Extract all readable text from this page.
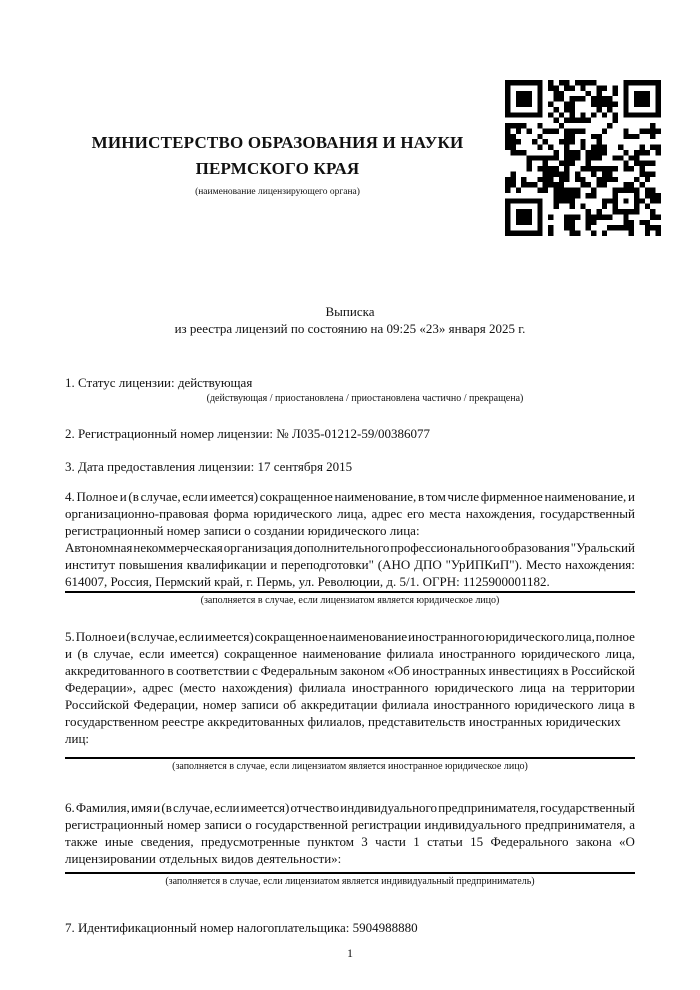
МИНИСТЕРСТВО ОБРАЗОВАНИЯ И НАУКИ
ПЕРМСКОГО КРАЯ
(наименование лицензирующего органа)
Выписка
из реестра лицензий по состоянию на 09:25 «23» января 2025 г.
1. Статус лицензии: действующая
(действующая / приостановлена / приостановлена частично / прекращена)
2. Регистрационный номер лицензии: № Л035-01212-59/00386077
3. Дата предоставления лицензии: 17 сентября 2015
4. Полное и (в случае, если имеется) сокращенное наименование, в том числе фирменное наименование, и
организационно-правовая форма юридического лица, адрес его места нахождения, государственный
регистрационный номер записи о создании юридического лица:
Автономная некоммерческая организация дополнительного профессионального образования "Уральский
институт повышения квалификации и переподготовки" (АНО ДПО "УрИПКиП"). Место нахождения:
614007, Россия, Пермский край, г. Пермь, ул. Революции, д. 5/1. ОГРН: 1125900001182.
(заполняется в случае, если лицензиатом является юридическое лицо)
5. Полное и (в случае, если имеется) сокращенное наименование иностранного юридического лица, полное
и (в случае, если имеется) сокращенное наименование филиала иностранного юридического лица,
аккредитованного в соответствии с Федеральным законом «Об иностранных инвестициях в Российской
Федерации», адрес (место нахождения) филиала иностранного юридического лица на территории
Российской Федерации, номер записи об аккредитации филиала иностранного юридического лица в
государственном реестре аккредитованных филиалов, представительств иностранных юридических лиц:
(заполняется в случае, если лицензиатом является иностранное юридическое лицо)
6. Фамилия, имя и (в случае, если имеется) отчество индивидуального предпринимателя, государственный
регистрационный номер записи о государственной регистрации индивидуального предпринимателя, а
также иные сведения, предусмотренные пунктом 3 части 1 статьи 15 Федерального закона «О
лицензировании отдельных видов деятельности»:
(заполняется в случае, если лицензиатом является индивидуальный предприниматель)
7. Идентификационный номер налогоплательщика: 5904988880
1
